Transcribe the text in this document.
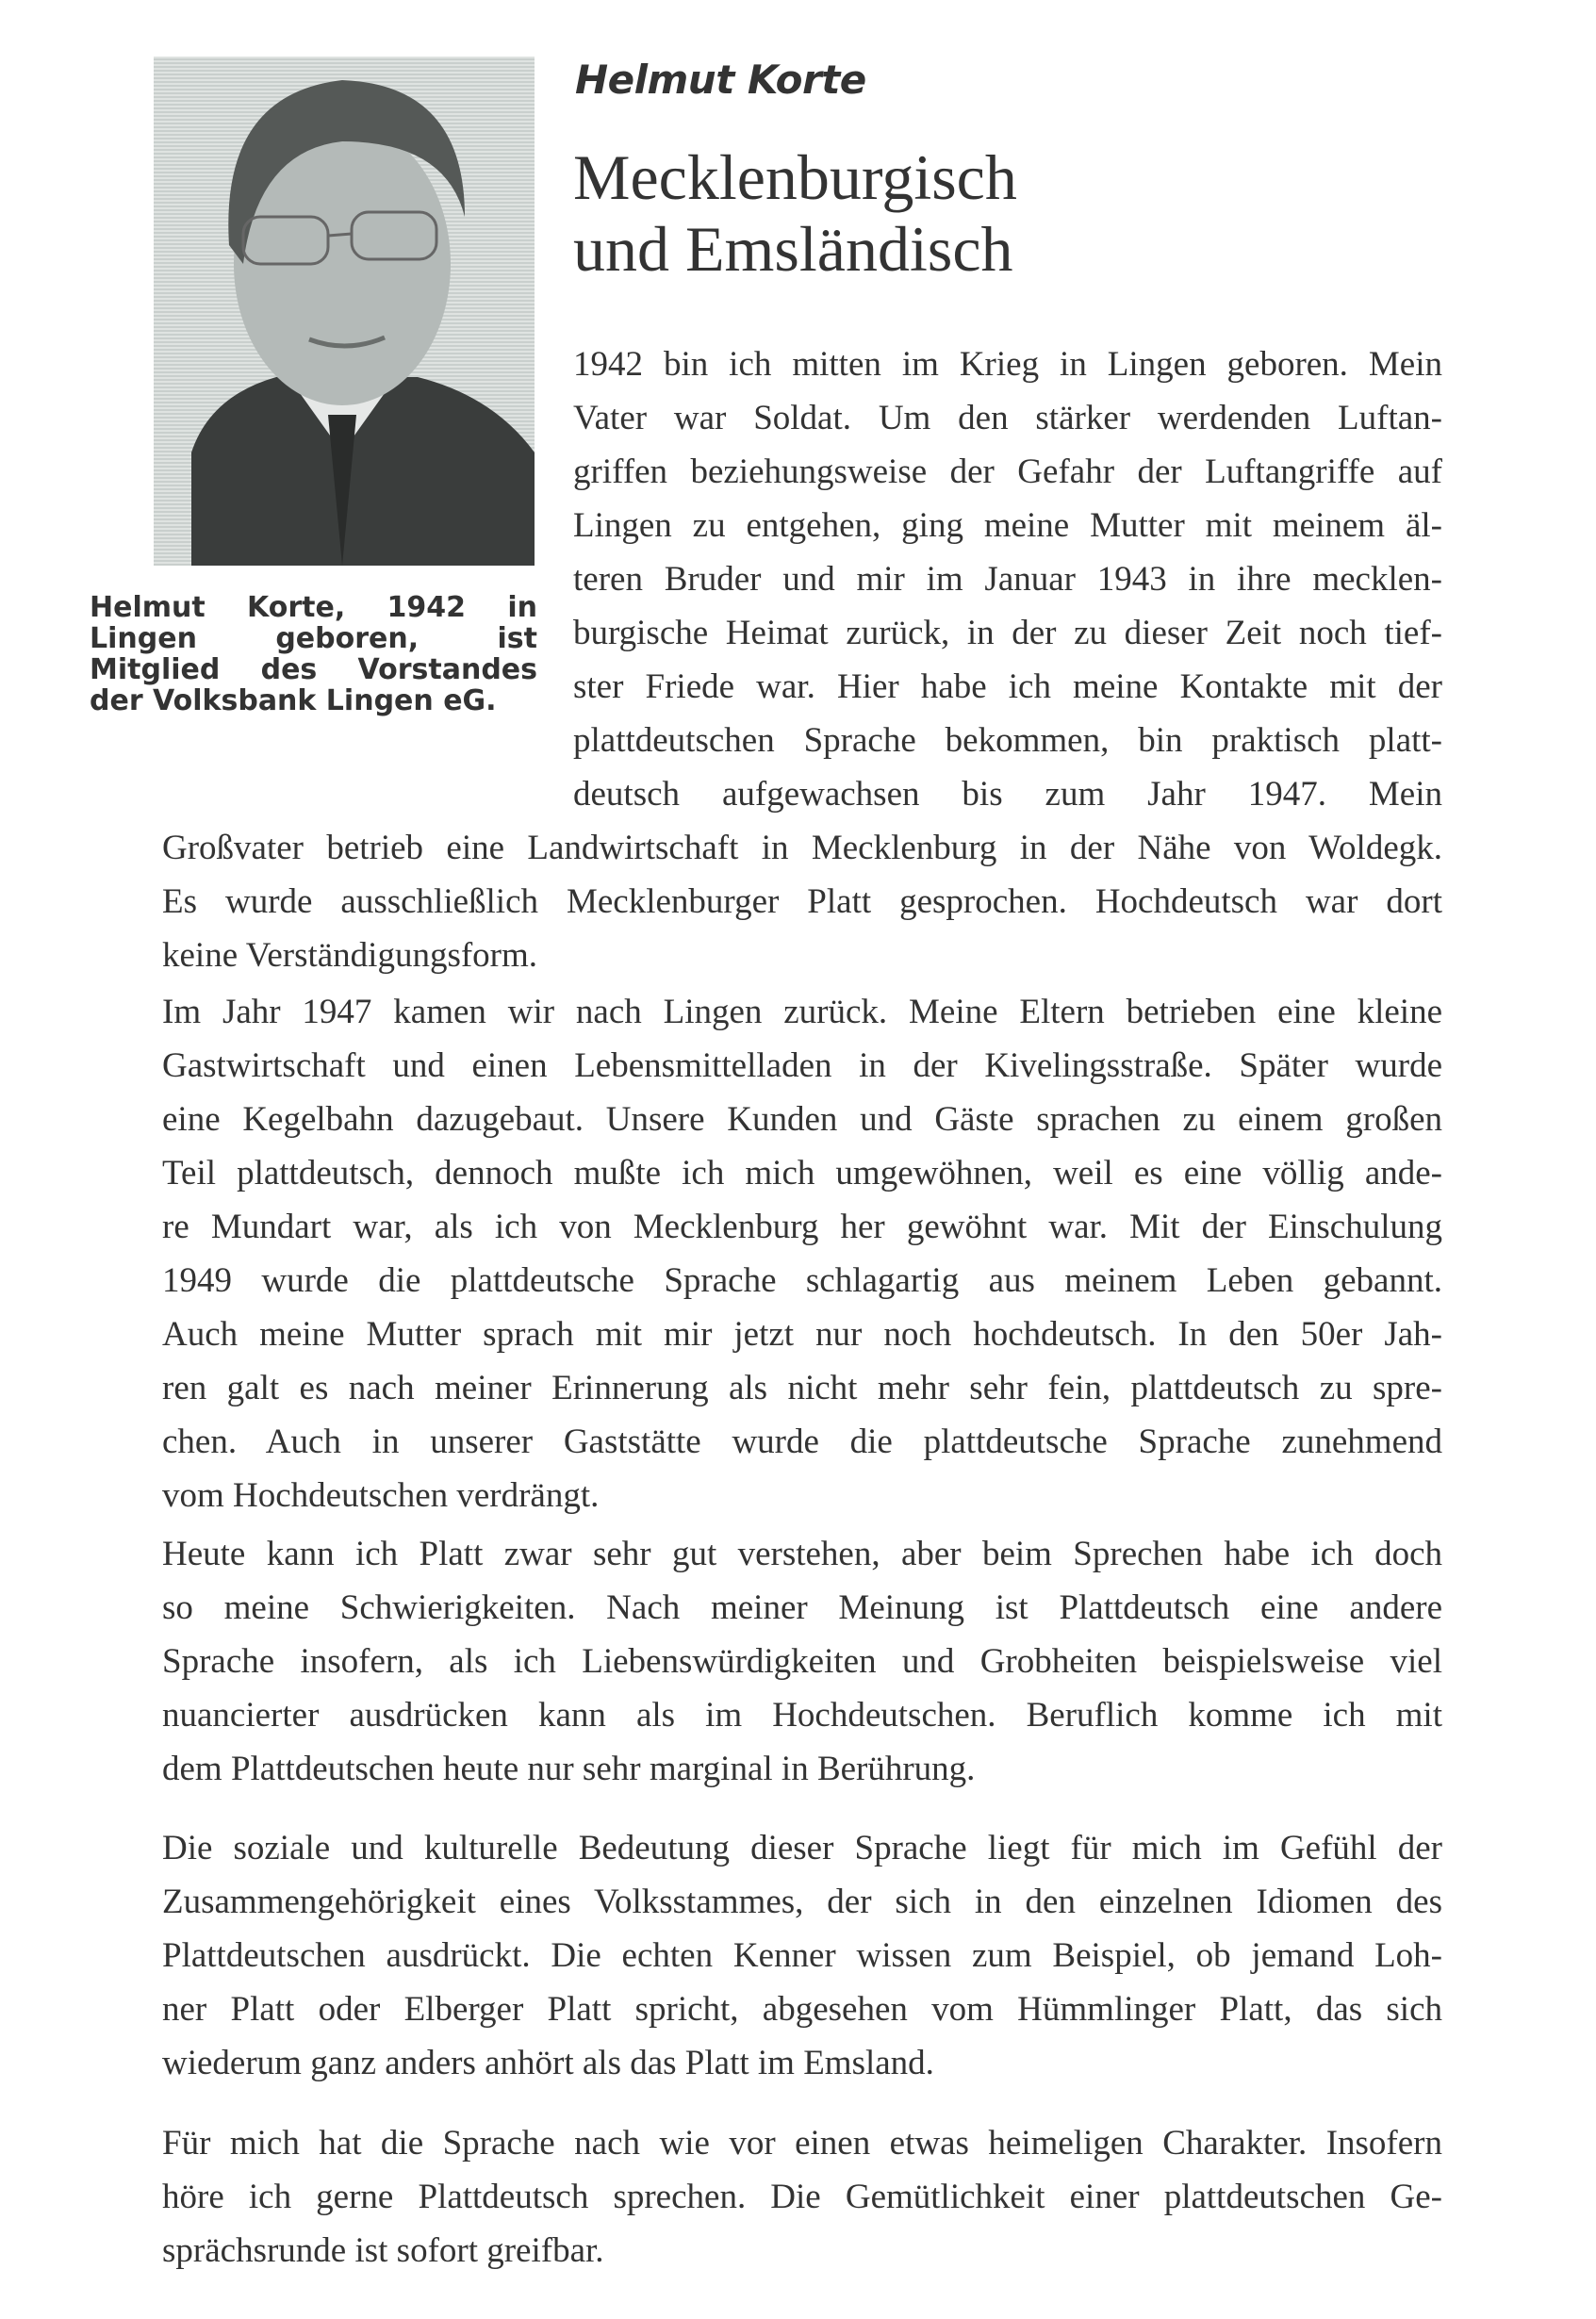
Helmut Korte, 1942 in Lingen geboren, ist Mitglied des Vorstandes der Volksbank Lingen eG.
Helmut Korte
Mecklenburgisch
und Emsländisch
1942 bin ich mitten im Krieg in Lingen geboren. Mein
Vater war Soldat. Um den stärker werdenden Luftan-
griffen beziehungsweise der Gefahr der Luftangriffe auf
Lingen zu entgehen, ging meine Mutter mit meinem äl-
teren Bruder und mir im Januar 1943 in ihre mecklen-
burgische Heimat zurück, in der zu dieser Zeit noch tief-
ster Friede war. Hier habe ich meine Kontakte mit der
plattdeutschen Sprache bekommen, bin praktisch platt-
deutsch aufgewachsen bis zum Jahr 1947. Mein
Großvater betrieb eine Landwirtschaft in Mecklenburg in der Nähe von Woldegk.
Es wurde ausschließlich Mecklenburger Platt gesprochen. Hochdeutsch war dort
keine Verständigungsform.
Im Jahr 1947 kamen wir nach Lingen zurück. Meine Eltern betrieben eine kleine
Gastwirtschaft und einen Lebensmittelladen in der Kivelingsstraße. Später wurde
eine Kegelbahn dazugebaut. Unsere Kunden und Gäste sprachen zu einem großen
Teil plattdeutsch, dennoch mußte ich mich umgewöhnen, weil es eine völlig ande-
re Mundart war, als ich von Mecklenburg her gewöhnt war. Mit der Einschulung
1949 wurde die plattdeutsche Sprache schlagartig aus meinem Leben gebannt.
Auch meine Mutter sprach mit mir jetzt nur noch hochdeutsch. In den 50er Jah-
ren galt es nach meiner Erinnerung als nicht mehr sehr fein, plattdeutsch zu spre-
chen. Auch in unserer Gaststätte wurde die plattdeutsche Sprache zunehmend
vom Hochdeutschen verdrängt.
Heute kann ich Platt zwar sehr gut verstehen, aber beim Sprechen habe ich doch
so meine Schwierigkeiten. Nach meiner Meinung ist Plattdeutsch eine andere
Sprache insofern, als ich Liebenswürdigkeiten und Grobheiten beispielsweise viel
nuancierter ausdrücken kann als im Hochdeutschen. Beruflich komme ich mit
dem Plattdeutschen heute nur sehr marginal in Berührung.
Die soziale und kulturelle Bedeutung dieser Sprache liegt für mich im Gefühl der
Zusammengehörigkeit eines Volksstammes, der sich in den einzelnen Idiomen des
Plattdeutschen ausdrückt. Die echten Kenner wissen zum Beispiel, ob jemand Loh-
ner Platt oder Elberger Platt spricht, abgesehen vom Hümmlinger Platt, das sich
wiederum ganz anders anhört als das Platt im Emsland.
Für mich hat die Sprache nach wie vor einen etwas heimeligen Charakter. Insofern
höre ich gerne Plattdeutsch sprechen. Die Gemütlichkeit einer plattdeutschen Ge-
sprächsrunde ist sofort greifbar.
